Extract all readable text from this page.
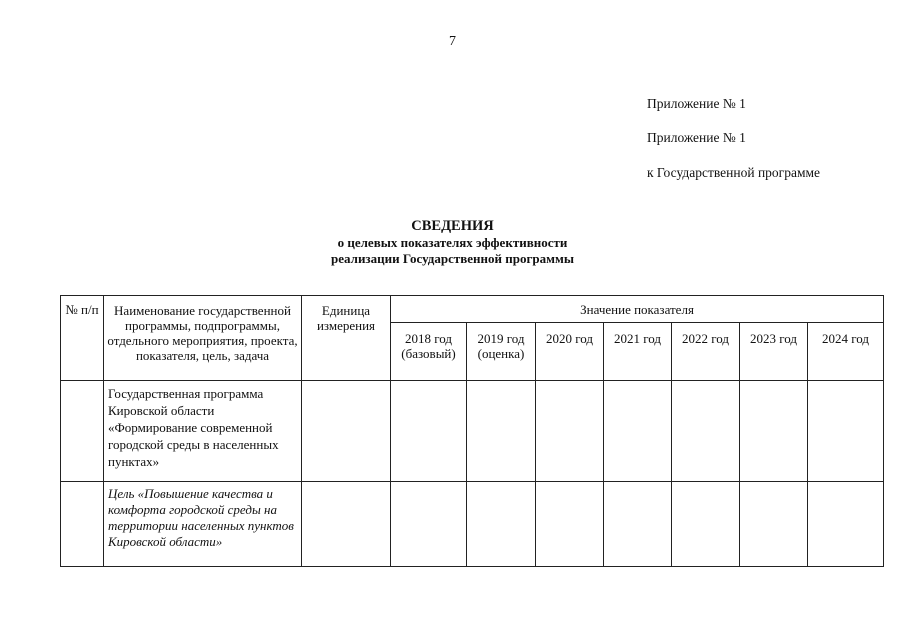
7
Приложение № 1
Приложение № 1
к Государственной программе
СВЕДЕНИЯ
о целевых показателях эффективности
реализации Государственной программы
№ п/п	Наименование государственной программы, подпрограммы, отдельного мероприятия, проекта, показателя, цель, задача	Единица измерения	Значение показателя						
			2018 год (базовый)	2019 год (оценка)	2020 год	2021 год	2022 год	2023 год	2024 год
	Государственная программа Кировской области «Формирование современной городской среды в населенных пунктах»								
	Цель «Повышение качества и комфорта городской среды на территории населенных пунктов Кировской области»								
